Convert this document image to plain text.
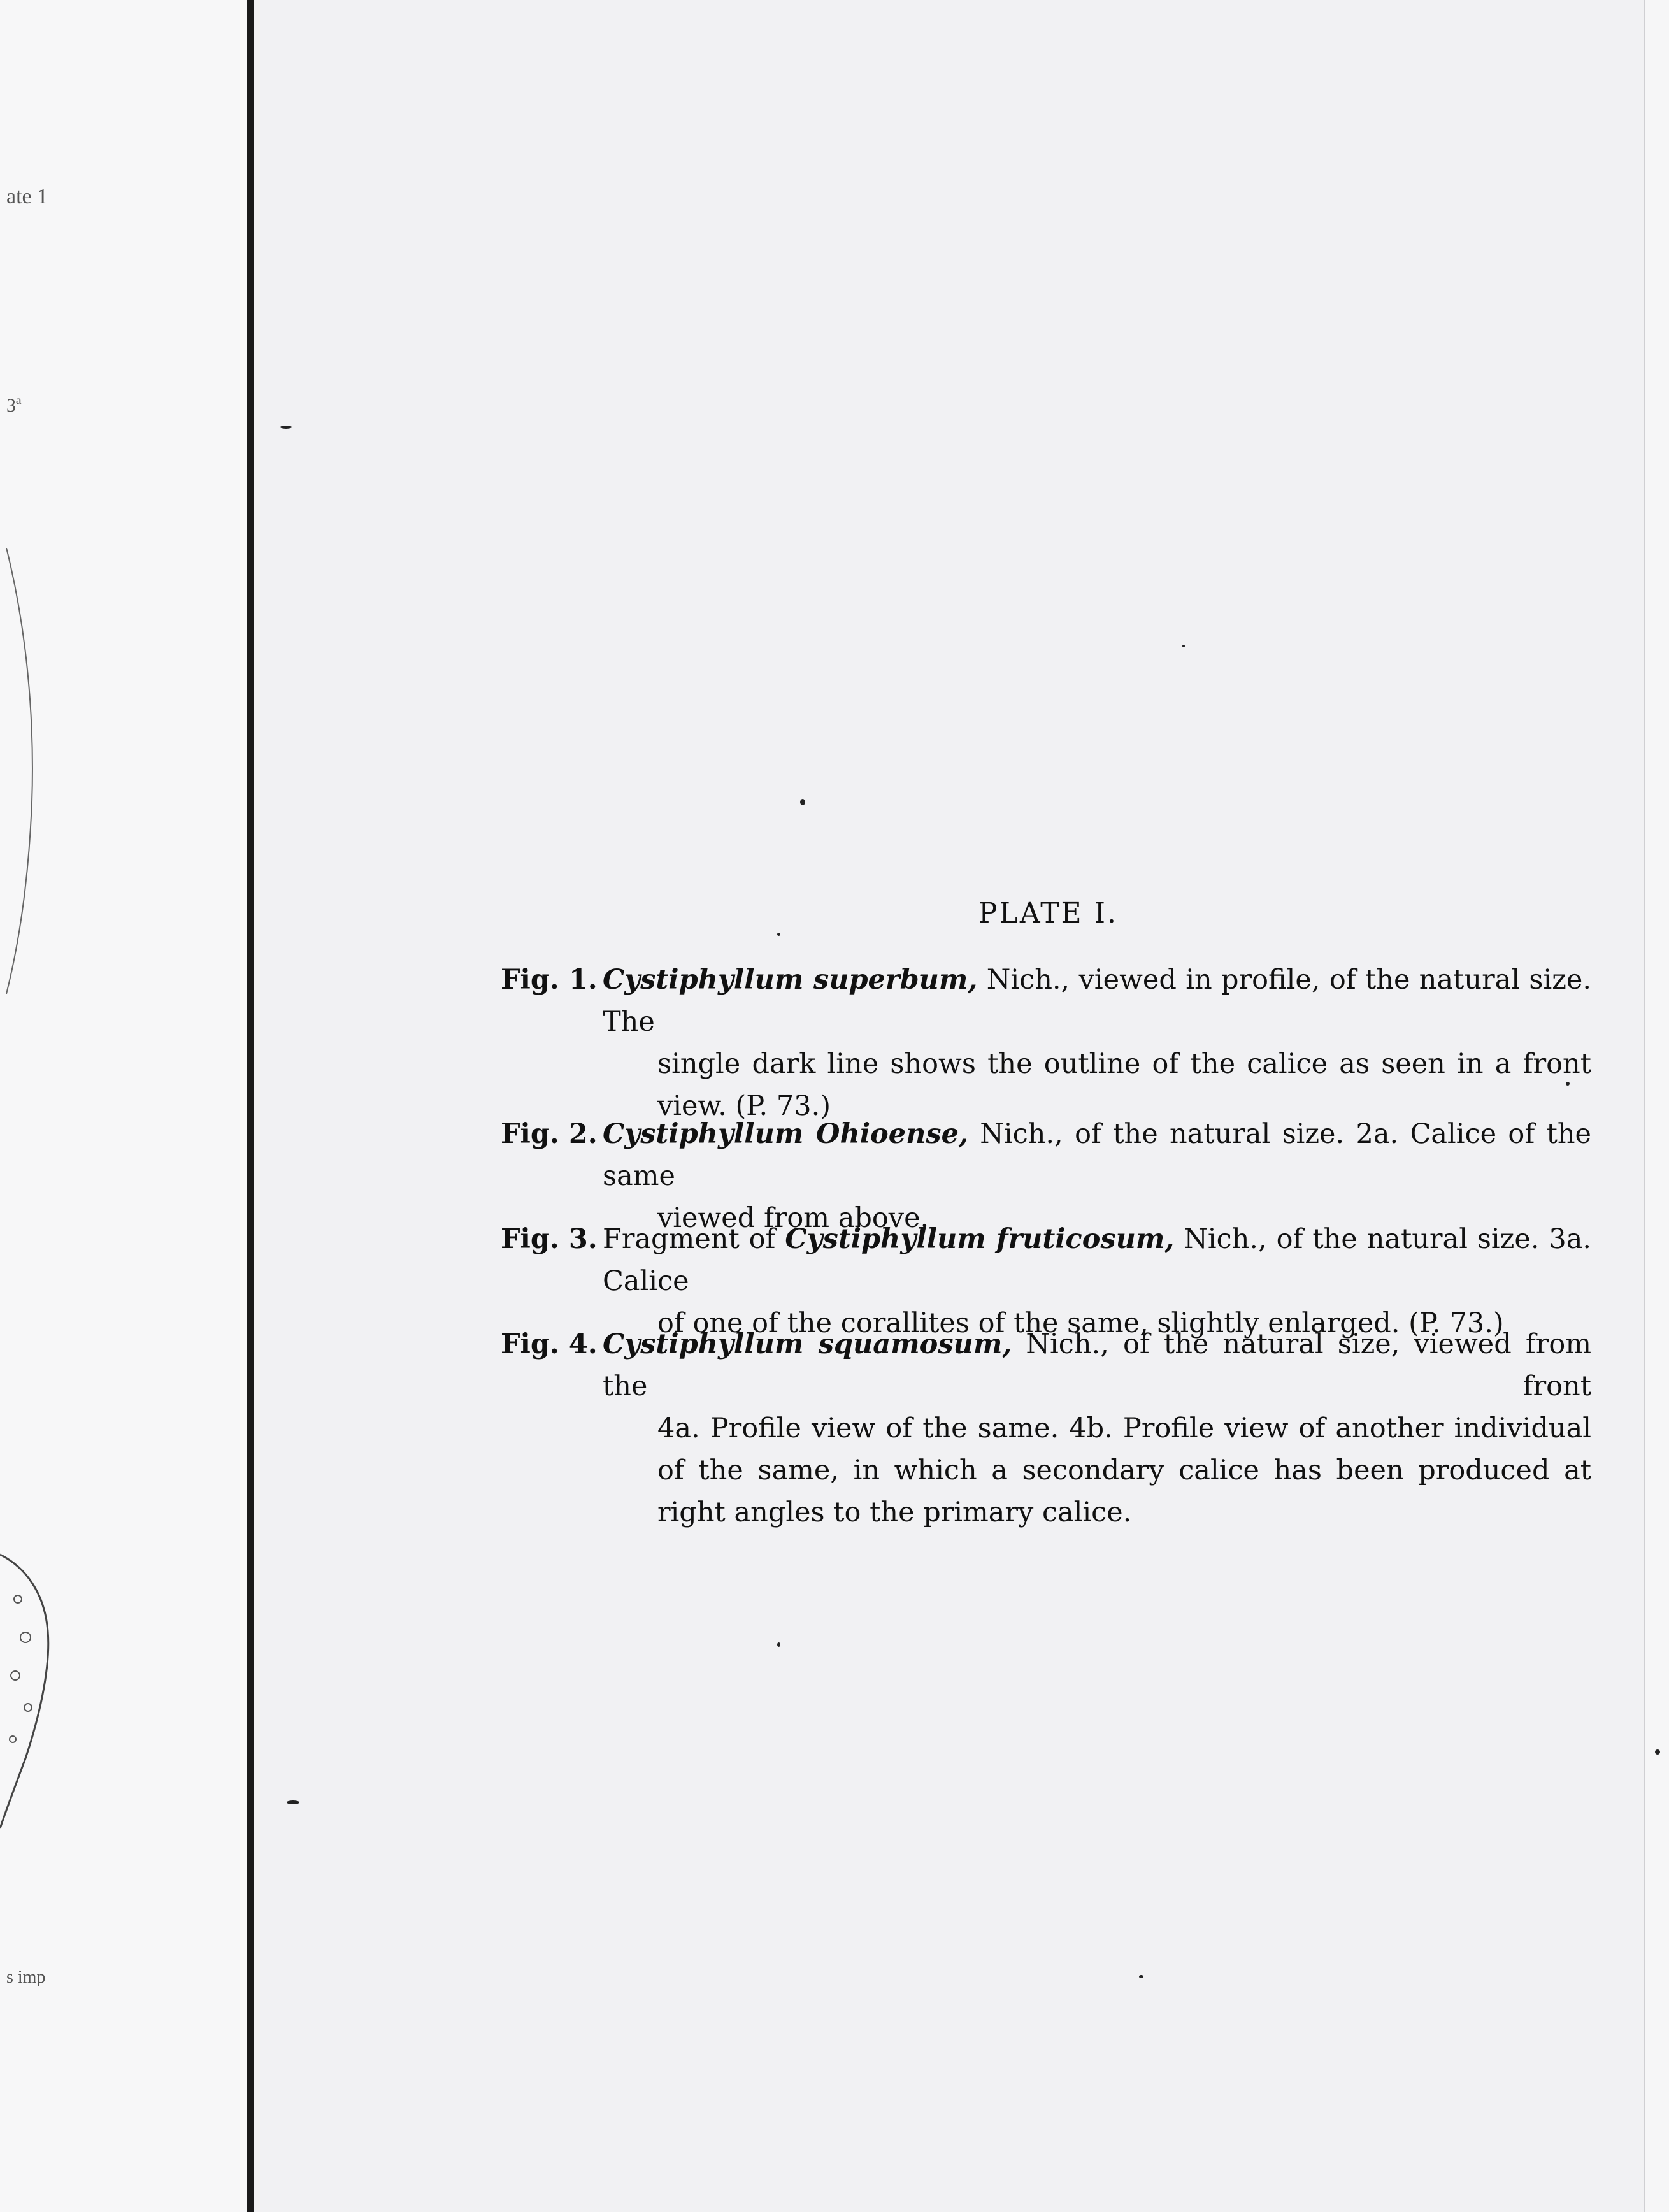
ate 1
3ª
s imp
PLATE I.
Fig. 1. Cystiphyllum superbum, Nich., viewed in profile, of the natural size. The
single dark line shows the outline of the calice as seen in a front view. (P. 73.)
Fig. 2. Cystiphyllum Ohioense, Nich., of the natural size. 2a. Calice of the same
viewed from above.
Fig. 3. Fragment of Cystiphyllum fruticosum, Nich., of the natural size. 3a. Calice
of one of the corallites of the same, slightly enlarged. (P. 73.)
Fig. 4. Cystiphyllum squamosum, Nich., of the natural size, viewed from the front
4a. Profile view of the same. 4b. Profile view of another individual of the same, in which a secondary calice has been produced at right angles to the primary calice.
